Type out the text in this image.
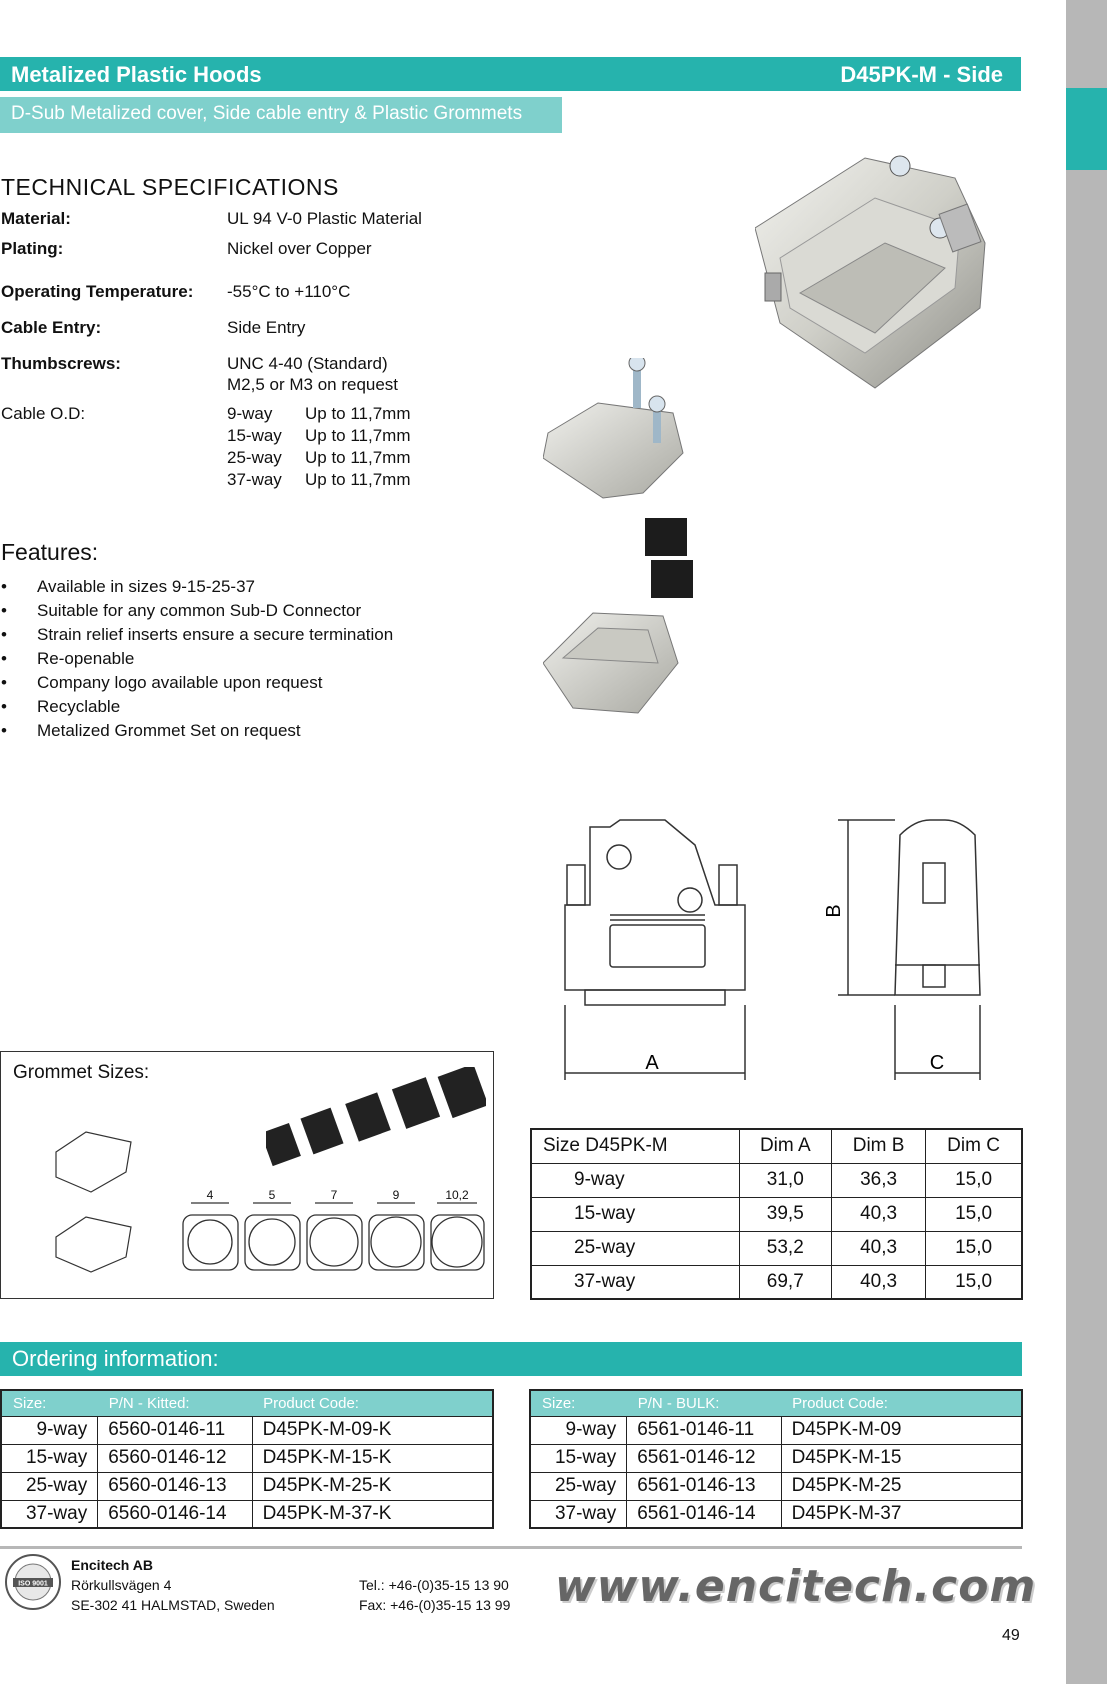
Metalized Plastic Hoods	D45PK-M - Side
D-Sub Metalized cover, Side cable entry & Plastic Grommets
TECHNICAL SPECIFICATIONS
Material:	UL 94 V-0 Plastic Material
Plating:	Nickel over Copper
Operating Temperature: -55°C to +110°C
Cable Entry:	Side Entry
Thumbscrews:	UNC 4-40 (Standard)
M2,5 or M3 on request
Cable O.D:	9-way Up to 11,7mm
15-way Up to 11,7mm
25-way Up to 11,7mm
37-way Up to 11,7mm
Features:
• Available in sizes 9-15-25-37
• Suitable for any common Sub-D Connector
• Strain relief inserts ensure a secure termination
• Re-openable
• Company logo available upon request
• Recyclable
• Metalized Grommet Set on request
A
B
C
Grommet Sizes:
4	5	7	9	10,2
Size D45PK-M	Dim A	Dim B	Dim C
9-way	31,0	36,3	15,0
15-way	39,5	40,3	15,0
25-way	53,2	40,3	15,0
37-way	69,7	40,3	15,0
Ordering information:
Size:	P/N - Kitted:	Product Code:
9-way	6560-0146-11	D45PK-M-09-K
15-way	6560-0146-12	D45PK-M-15-K
25-way	6560-0146-13	D45PK-M-25-K
37-way	6560-0146-14	D45PK-M-37-K
Size:	P/N - BULK:	Product Code:
9-way	6561-0146-11	D45PK-M-09
15-way	6561-0146-12	D45PK-M-15
25-way	6561-0146-13	D45PK-M-25
37-way	6561-0146-14	D45PK-M-37
ISO 9001
Encitech AB
Rörkullsvägen 4
SE-302 41 HALMSTAD, Sweden
Tel.: +46-(0)35-15 13 90
Fax: +46-(0)35-15 13 99 www.encitech.com
49
